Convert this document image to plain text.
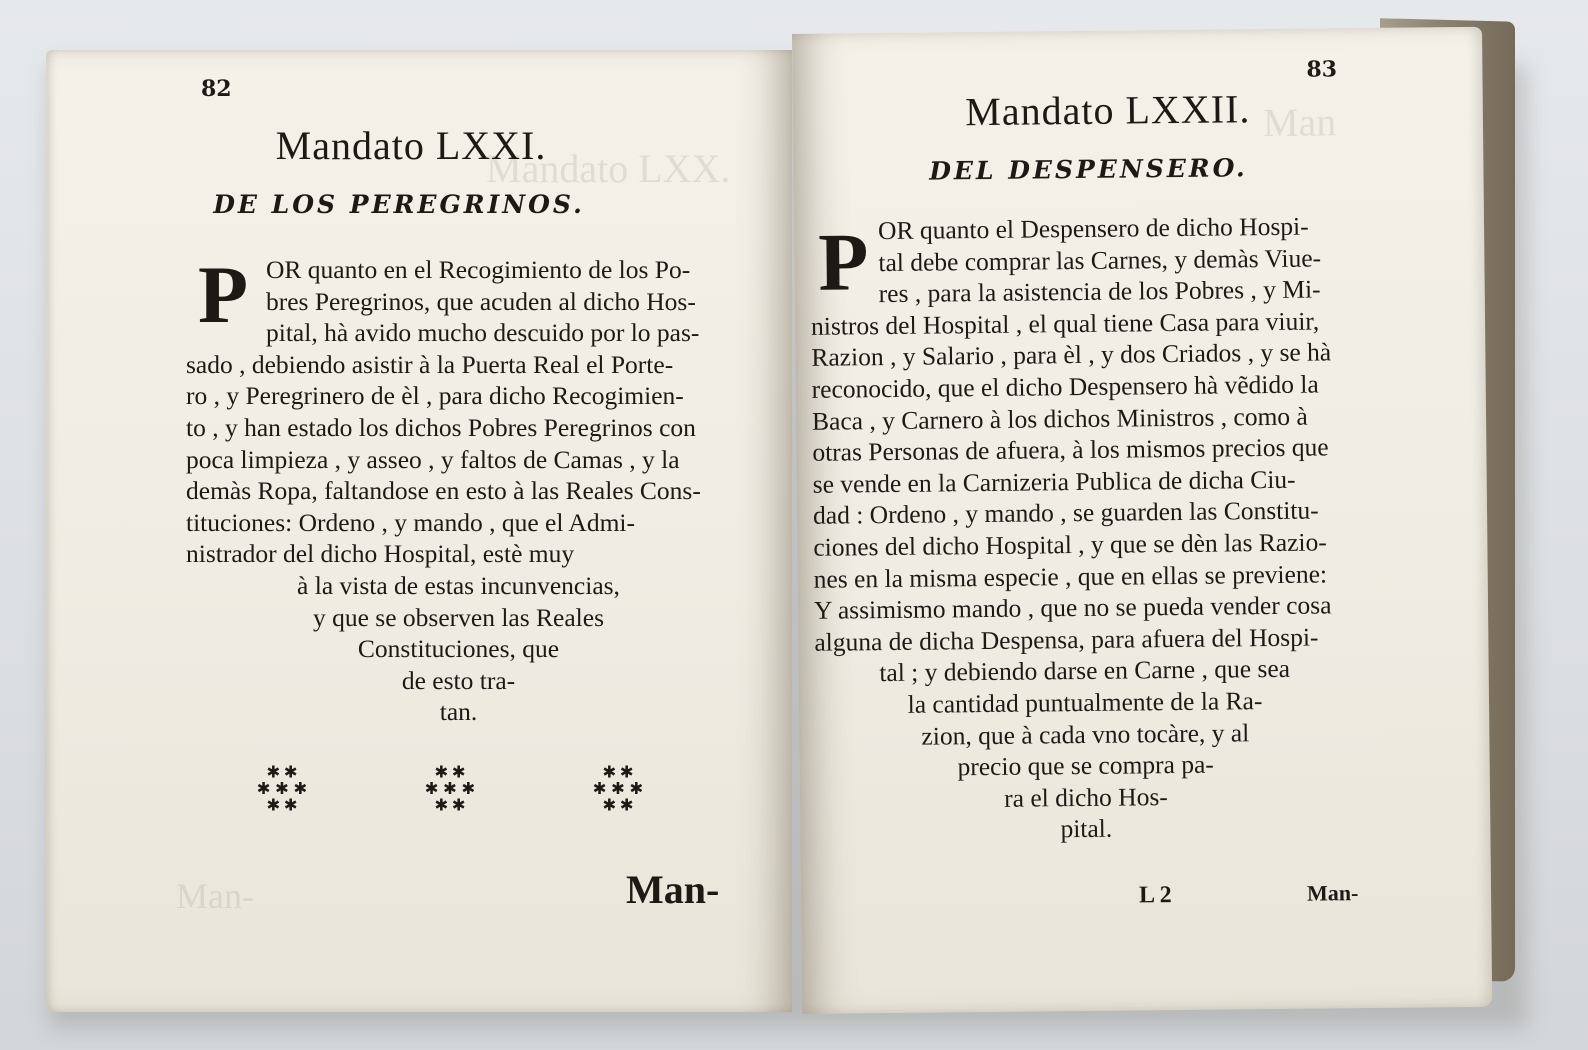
Mandato LXX.
Man-
82
Mandato LXXI.
DE LOS PEREGRINOS.
P OR quanto en el Recogimiento de los Po-

bres Peregrinos, que acuden al dicho Hos-

pital, hà avido mucho descuido por lo pas-

sado , debiendo asistir à la Puerta Real el Porte-

ro , y Peregrinero de èl , para dicho Recogimien-

to , y han estado los dichos Pobres Peregrinos con

poca limpieza , y asseo , y faltos de Camas , y la

demàs Ropa, faltandose en esto à las Reales Cons-

tituciones: Ordeno , y mando , que el Admi-

nistrador del dicho Hospital, estè muy

à la vista de estas incunvencias,

y que se observen las Reales

Constituciones, que

de esto tra-

tan.

✱ ✱
✱ ✱
✱ ✱
✱
✱ ✱
✱ ✱
✱ ✱
✱
✱ ✱
✱ ✱
✱ ✱
✱
Man-
Man
83
Mandato LXXII.
DEL DESPENSERO.
P OR quanto el Despensero de dicho Hospi-

tal debe comprar las Carnes, y demàs Viue-

res , para la asistencia de los Pobres , y Mi-

nistros del Hospital , el qual tiene Casa para viuir,

Razion , y Salario , para èl , y dos Criados , y se hà

reconocido, que el dicho Despensero hà vẽdido la

Baca , y Carnero à los dichos Ministros , como à

otras Personas de afuera, à los mismos precios que

se vende en la Carnizeria Publica de dicha Ciu-

dad : Ordeno , y mando , se guarden las Constitu-

ciones del dicho Hospital , y que se dèn las Razio-

nes en la misma especie , que en ellas se previene:

Y assimismo mando , que no se pueda vender cosa

alguna de dicha Despensa, para afuera del Hospi-

tal ; y debiendo darse en Carne , que sea

la cantidad puntualmente de la Ra-

zion, que à cada vno tocàre, y al

precio que se compra pa-

ra el dicho Hos-

pital.

L 2	Man-
